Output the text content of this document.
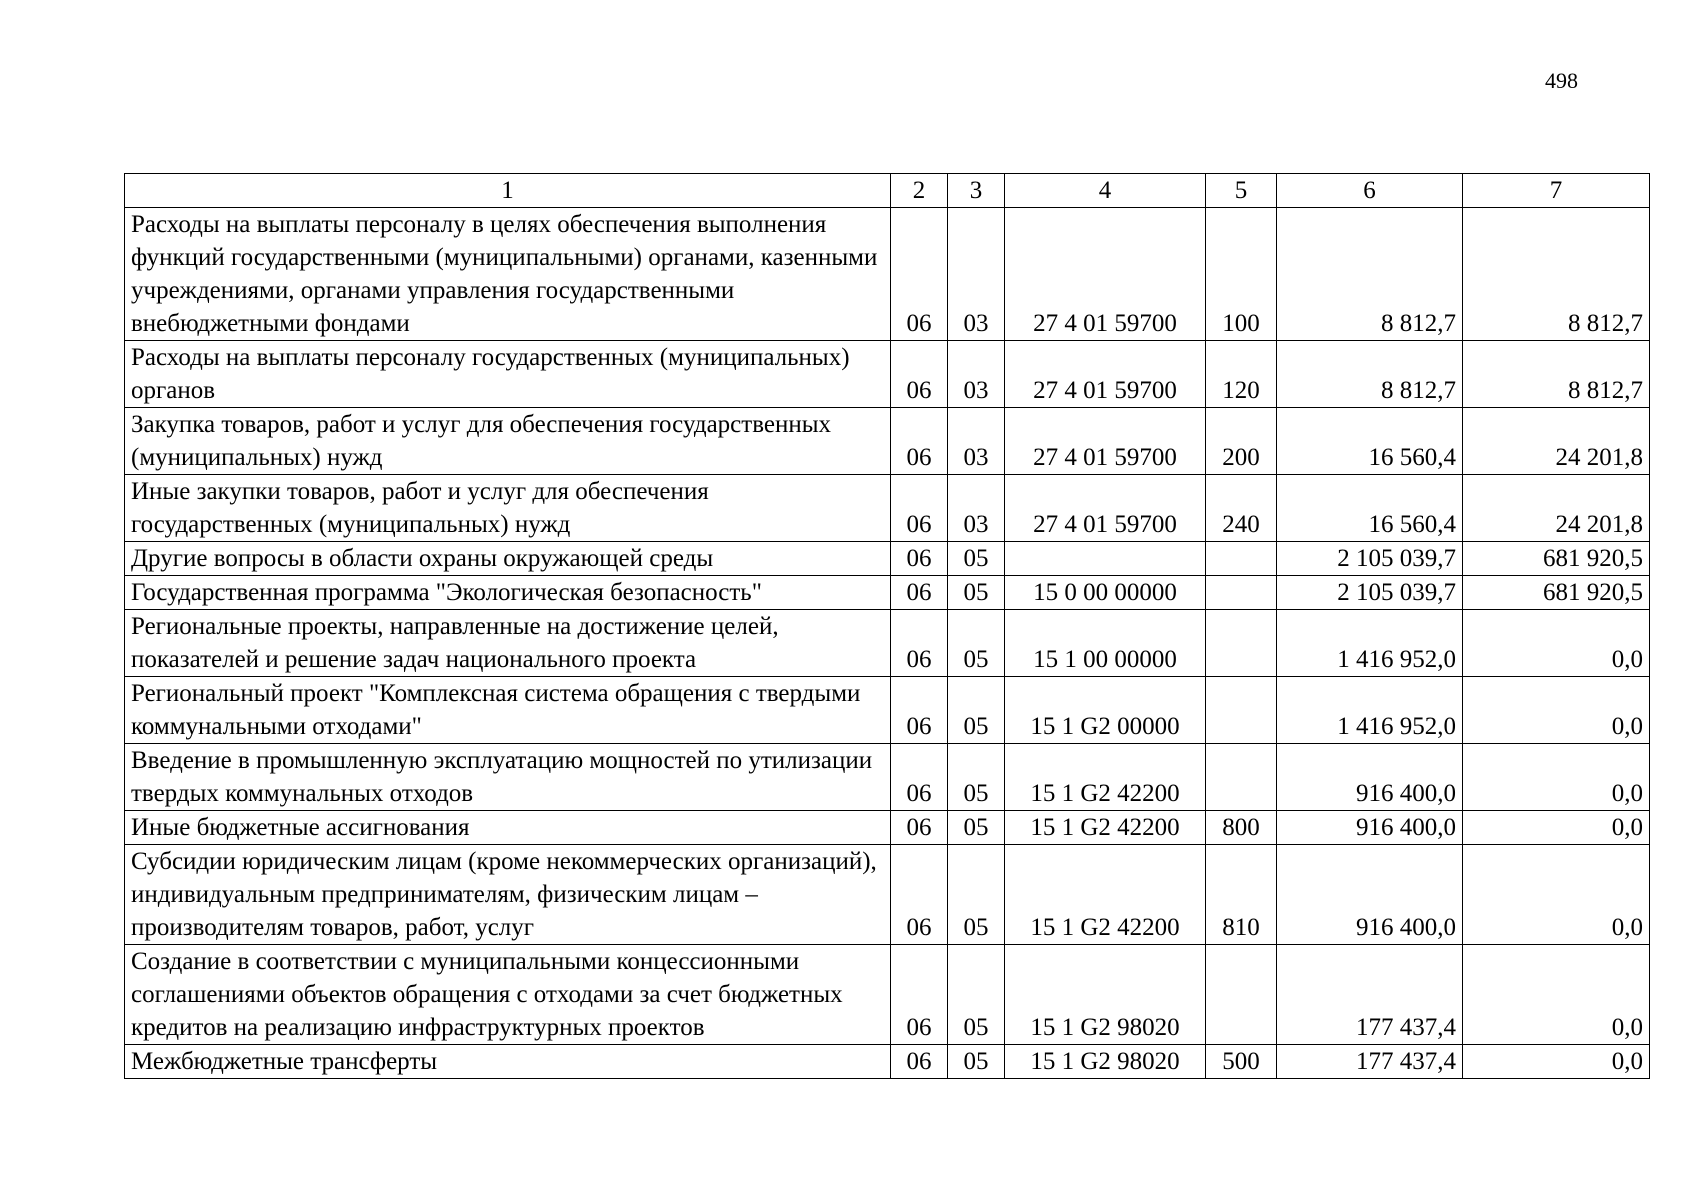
498
1	2	3	4	5	6	7
Расходы на выплаты персоналу в целях обеспечения выполнения функций государственными (муниципальными) органами, казенными учреждениями, органами управления государственными внебюджетными фондами	06	03	27 4 01 59700	100	8 812,7	8 812,7
Расходы на выплаты персоналу государственных (муниципальных) органов	06	03	27 4 01 59700	120	8 812,7	8 812,7
Закупка товаров, работ и услуг для обеспечения государственных (муниципальных) нужд	06	03	27 4 01 59700	200	16 560,4	24 201,8
Иные закупки товаров, работ и услуг для обеспечения государственных (муниципальных) нужд	06	03	27 4 01 59700	240	16 560,4	24 201,8
Другие вопросы в области охраны окружающей среды	06	05			2 105 039,7	681 920,5
Государственная программа "Экологическая безопасность"	06	05	15 0 00 00000		2 105 039,7	681 920,5
Региональные проекты, направленные на достижение целей, показателей и решение задач национального проекта	06	05	15 1 00 00000		1 416 952,0	0,0
Региональный проект "Комплексная система обращения с твердыми коммунальными отходами"	06	05	15 1 G2 00000		1 416 952,0	0,0
Введение в промышленную эксплуатацию мощностей по утилизации твердых коммунальных отходов	06	05	15 1 G2 42200		916 400,0	0,0
Иные бюджетные ассигнования	06	05	15 1 G2 42200	800	916 400,0	0,0
Субсидии юридическим лицам (кроме некоммерческих организаций), индивидуальным предпринимателям, физическим лицам – производителям товаров, работ, услуг	06	05	15 1 G2 42200	810	916 400,0	0,0
Создание в соответствии с муниципальными концессионными соглашениями объектов обращения с отходами за счет бюджетных кредитов на реализацию инфраструктурных проектов	06	05	15 1 G2 98020		177 437,4	0,0
Межбюджетные трансферты	06	05	15 1 G2 98020	500	177 437,4	0,0
